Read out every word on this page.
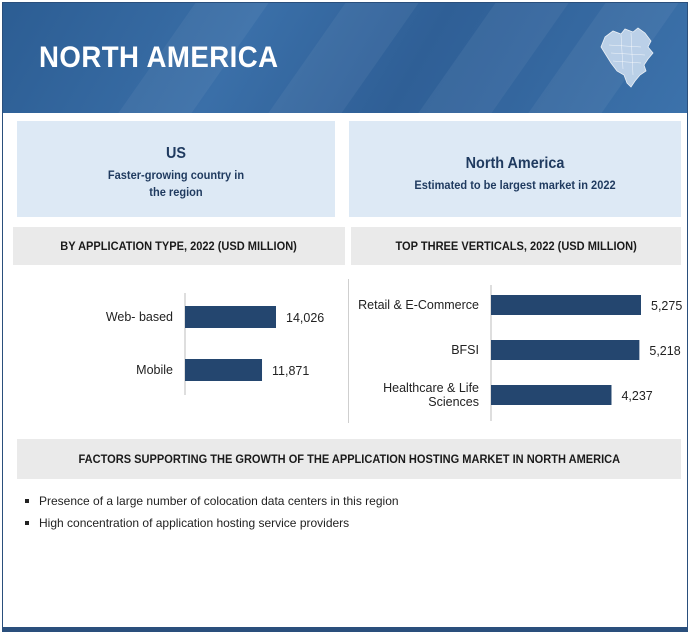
NORTH AMERICA
US
Faster-growing country in
the region
North America
Estimated to be largest market in 2022
BY APPLICATION TYPE, 2022 (USD MILLION)	TOP THREE VERTICALS, 2022 (USD MILLION)
14,026
Web- based
11,871
Mobile
5,275
Retail & E-Commerce
5,218
BFSI
4,237
Healthcare & Life Sciences
FACTORS SUPPORTING THE GROWTH OF THE APPLICATION HOSTING MARKET IN NORTH AMERICA
Presence of a large number of colocation data centers in this region
High concentration of application hosting service providers
